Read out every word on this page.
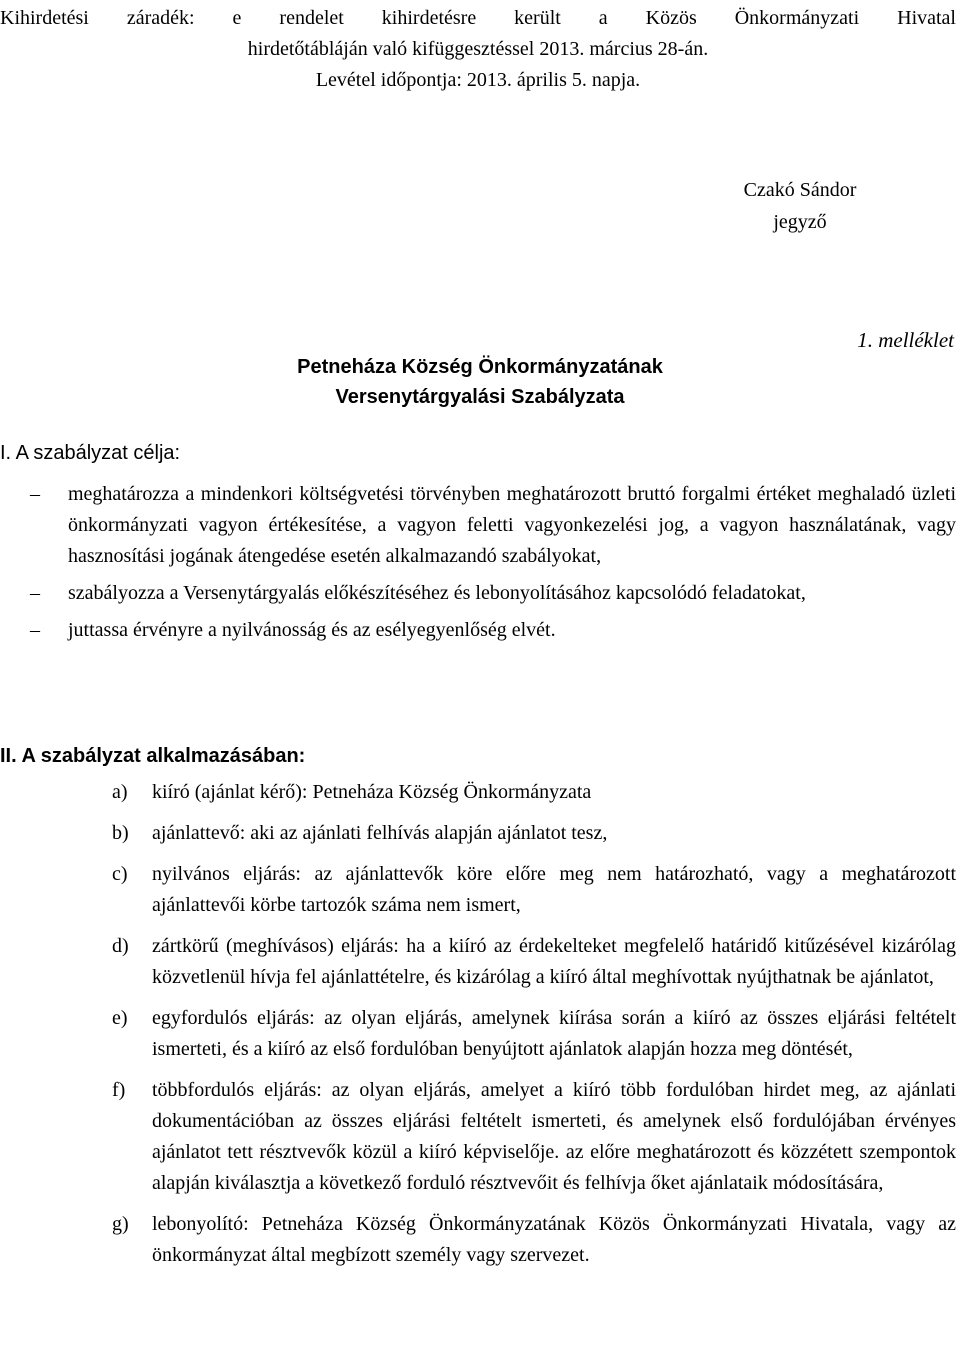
Kihirdetési záradék: e rendelet kihirdetésre került a Közös Önkormányzati Hivatal

hirdetőtábláján való kifüggesztéssel 2013. március 28-án.

Levétel időpontja: 2013. április 5. napja.

Czakó Sándor
jegyző
1. melléklet
Petneháza Község Önkormányzatának
Versenytárgyalási Szabályzata
I. A szabályzat célja:
– meghatározza a mindenkori költségvetési törvényben meghatározott bruttó forgalmi értéket meghaladó üzleti önkormányzati vagyon értékesítése, a vagyon feletti vagyonkezelési jog, a vagyon használatának, vagy hasznosítási jogának átengedése esetén alkalmazandó szabályokat,
– szabályozza a Versenytárgyalás előkészítéséhez és lebonyolításához kapcsolódó feladatokat,
– juttassa érvényre a nyilvánosság és az esélyegyenlőség elvét.
II. A szabályzat alkalmazásában:
a) kiíró (ajánlat kérő): Petneháza Község Önkormányzata
b) ajánlattevő: aki az ajánlati felhívás alapján ajánlatot tesz,
c) nyilvános eljárás: az ajánlattevők köre előre meg nem határozható, vagy a meghatározott ajánlattevői körbe tartozók száma nem ismert,
d) zártkörű (meghívásos) eljárás: ha a kiíró az érdekelteket megfelelő határidő kitűzésével kizárólag közvetlenül hívja fel ajánlattételre, és kizárólag a kiíró által meghívottak nyújthatnak be ajánlatot,
e) egyfordulós eljárás: az olyan eljárás, amelynek kiírása során a kiíró az összes eljárási feltételt ismerteti, és a kiíró az első fordulóban benyújtott ajánlatok alapján hozza meg döntését,
f) többfordulós eljárás: az olyan eljárás, amelyet a kiíró több fordulóban hirdet meg, az ajánlati dokumentációban az összes eljárási feltételt ismerteti, és amelynek első fordulójában érvényes ajánlatot tett résztvevők közül a kiíró képviselője. az előre meghatározott és közzétett szempontok alapján kiválasztja a következő forduló résztvevőit és felhívja őket ajánlataik módosítására,
g) lebonyolító: Petneháza Község Önkormányzatának Közös Önkormányzati Hivatala, vagy az önkormányzat által megbízott személy vagy szervezet.
